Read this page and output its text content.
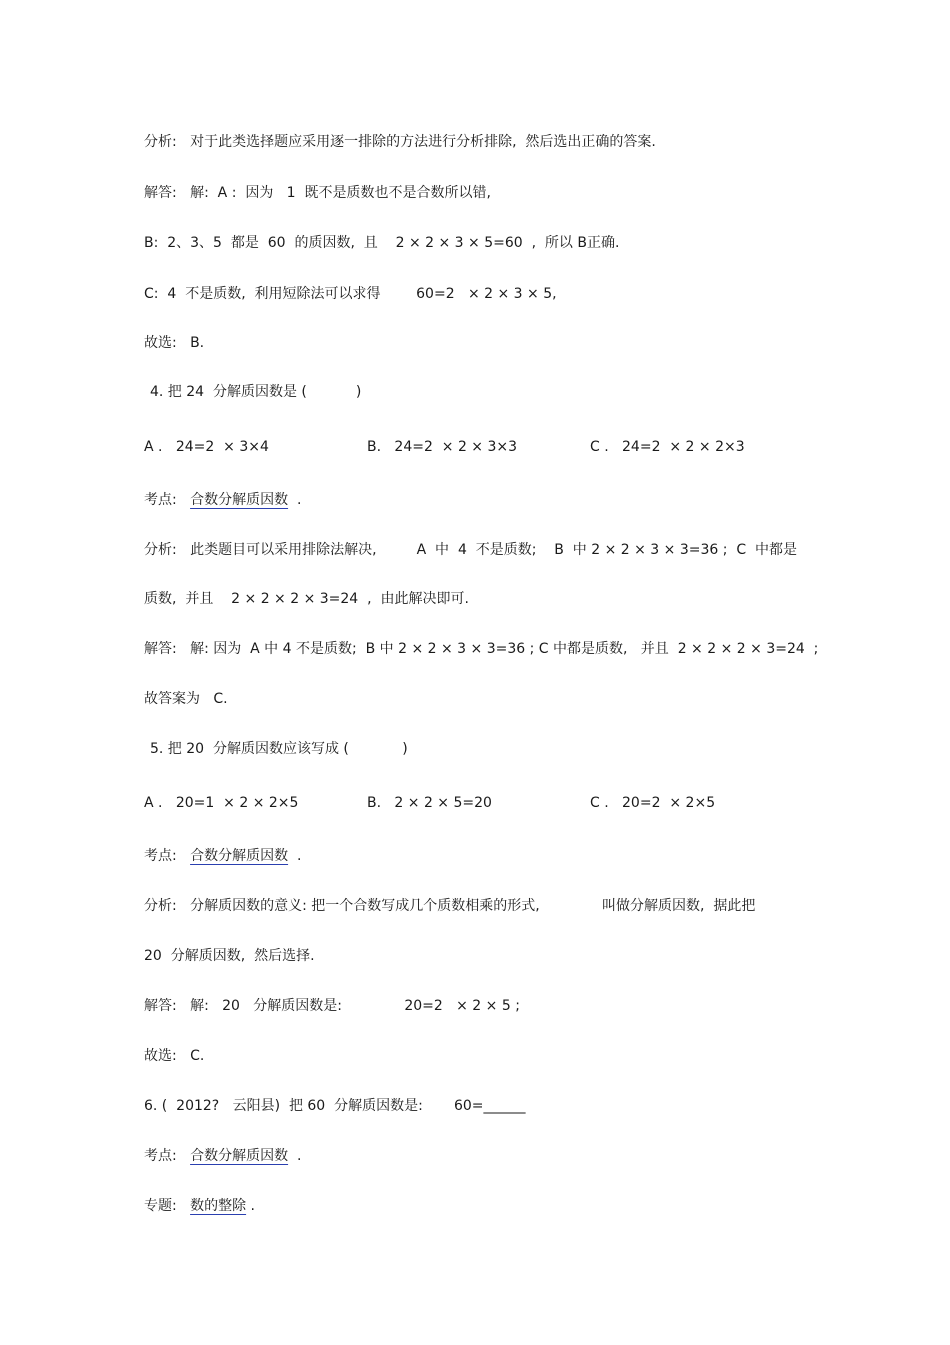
分析:   对于此类选择题应采用逐一排除的方法进行分析排除,  然后选出正确的答案.
解答:   解:  A :  因为   1  既不是质数也不是合数所以错,
B:  2、3、5  都是  60  的质因数,  且    2 × 2 × 3 × 5=60  ,  所以 B正确.
C:  4  不是质数,  利用短除法可以求得        60=2   × 2 × 3 × 5,
故选:   B.
4. 把 24  分解质因数是 (           )
A .   24=2  × 3×4	B.   24=2  × 2 × 3×3	C .   24=2  × 2 × 2×3
考点: 合数分解质因数 .
分析:   此类题目可以采用排除法解决,         A  中  4  不是质数;    B  中 2 × 2 × 3 × 3=36 ;  C  中都是
质数,  并且    2 × 2 × 2 × 3=24  ,  由此解决即可.
解答:   解: 因为  A 中 4 不是质数;  B 中 2 × 2 × 3 × 3=36 ; C 中都是质数,   并且  2 × 2 × 2 × 3=24  ;
故答案为   C.
5. 把 20  分解质因数应该写成 (            )
A .   20=1  × 2 × 2×5	B.   2 × 2 × 5=20	C .   20=2  × 2×5
考点: 合数分解质因数 .
分析:   分解质因数的意义: 把一个合数写成几个质数相乘的形式,              叫做分解质因数,  据此把
20  分解质因数,  然后选择.
解答:   解:   20   分解质因数是:              20=2   × 2 × 5 ;
故选:   C.
6. (  2012?   云阳县)  把 60  分解质因数是:       60=______
考点: 合数分解质因数 .
专题: 数的整除 .
